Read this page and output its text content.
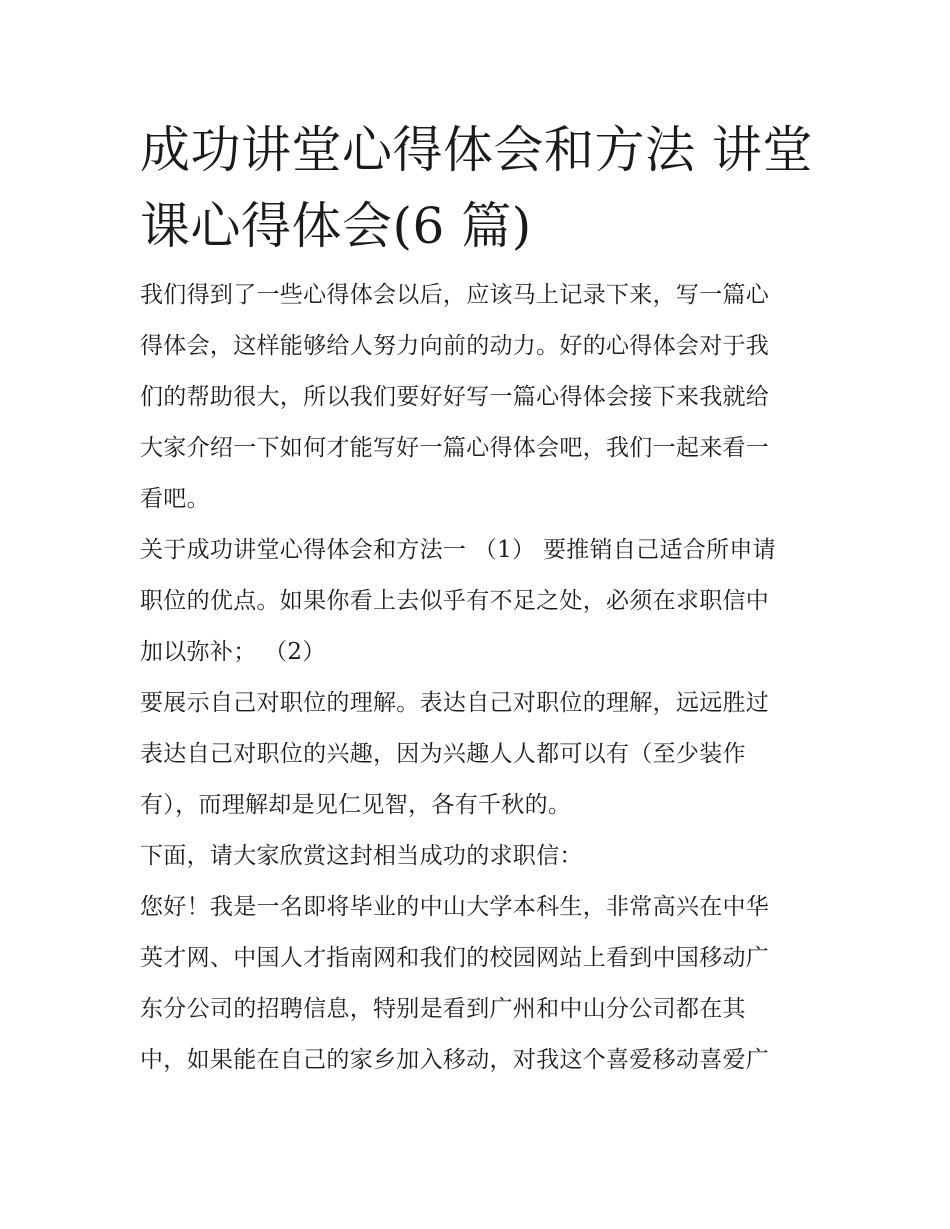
成功讲堂心得体会和方法 讲堂
课心得体会(6 篇)

我们得到了一些心得体会以后，应该马上记录下来，写一篇心
得体会，这样能够给人努力向前的动力。好的心得体会对于我
们的帮助很大，所以我们要好好写一篇心得体会接下来我就给
大家介绍一下如何才能写好一篇心得体会吧，我们一起来看一
看吧。

关于成功讲堂心得体会和方法一 （1） 要推销自己适合所申请
职位的优点。如果你看上去似乎有不足之处，必须在求职信中
加以弥补； （2）

要展示自己对职位的理解。表达自己对职位的理解，远远胜过
表达自己对职位的兴趣，因为兴趣人人都可以有（至少装作
有），而理解却是见仁见智，各有千秋的。

下面，请大家欣赏这封相当成功的求职信：

您好！我是一名即将毕业的中山大学本科生，非常高兴在中华
英才网、中国人才指南网和我们的校园网站上看到中国移动广
东分公司的招聘信息，特别是看到广州和中山分公司都在其
中，如果能在自己的家乡加入移动，对我这个喜爱移动喜爱广
